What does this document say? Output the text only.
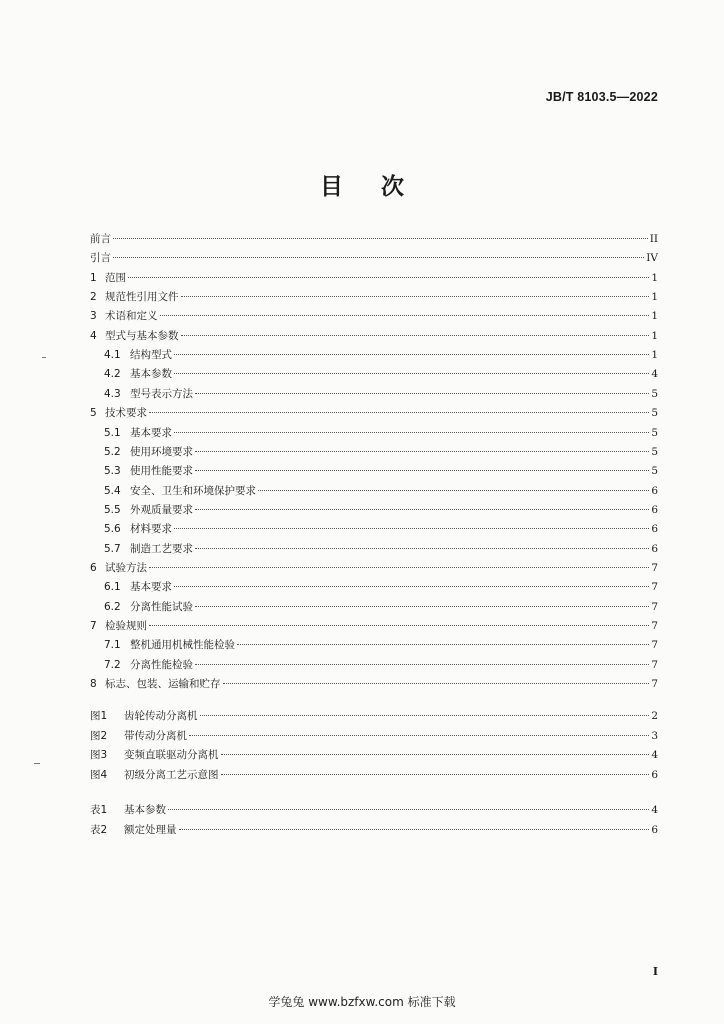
JB/T 8103.5—2022
目次
前言	II
引言	IV
1 范围	1
2 规范性引用文件	1
3 术语和定义	1
4 型式与基本参数	1
4.1 结构型式	1
4.2 基本参数	4
4.3 型号表示方法	5
5 技术要求	5
5.1 基本要求	5
5.2 使用环境要求	5
5.3 使用性能要求	5
5.4 安全、卫生和环境保护要求	6
5.5 外观质量要求	6
5.6 材料要求	6
5.7 制造工艺要求	6
6 试验方法	7
6.1 基本要求	7
6.2 分离性能试验	7
7 检验规则	7
7.1 整机通用机械性能检验	7
7.2 分离性能检验	7
8 标志、包装、运输和贮存	7
图1	齿轮传动分离机	2
图2	带传动分离机	3
图3	变频直联驱动分离机	4
图4	初级分离工艺示意图	6
表1	基本参数	4
表2	额定处理量	6
I
学兔兔 www.bzfxw.com 标准下载
